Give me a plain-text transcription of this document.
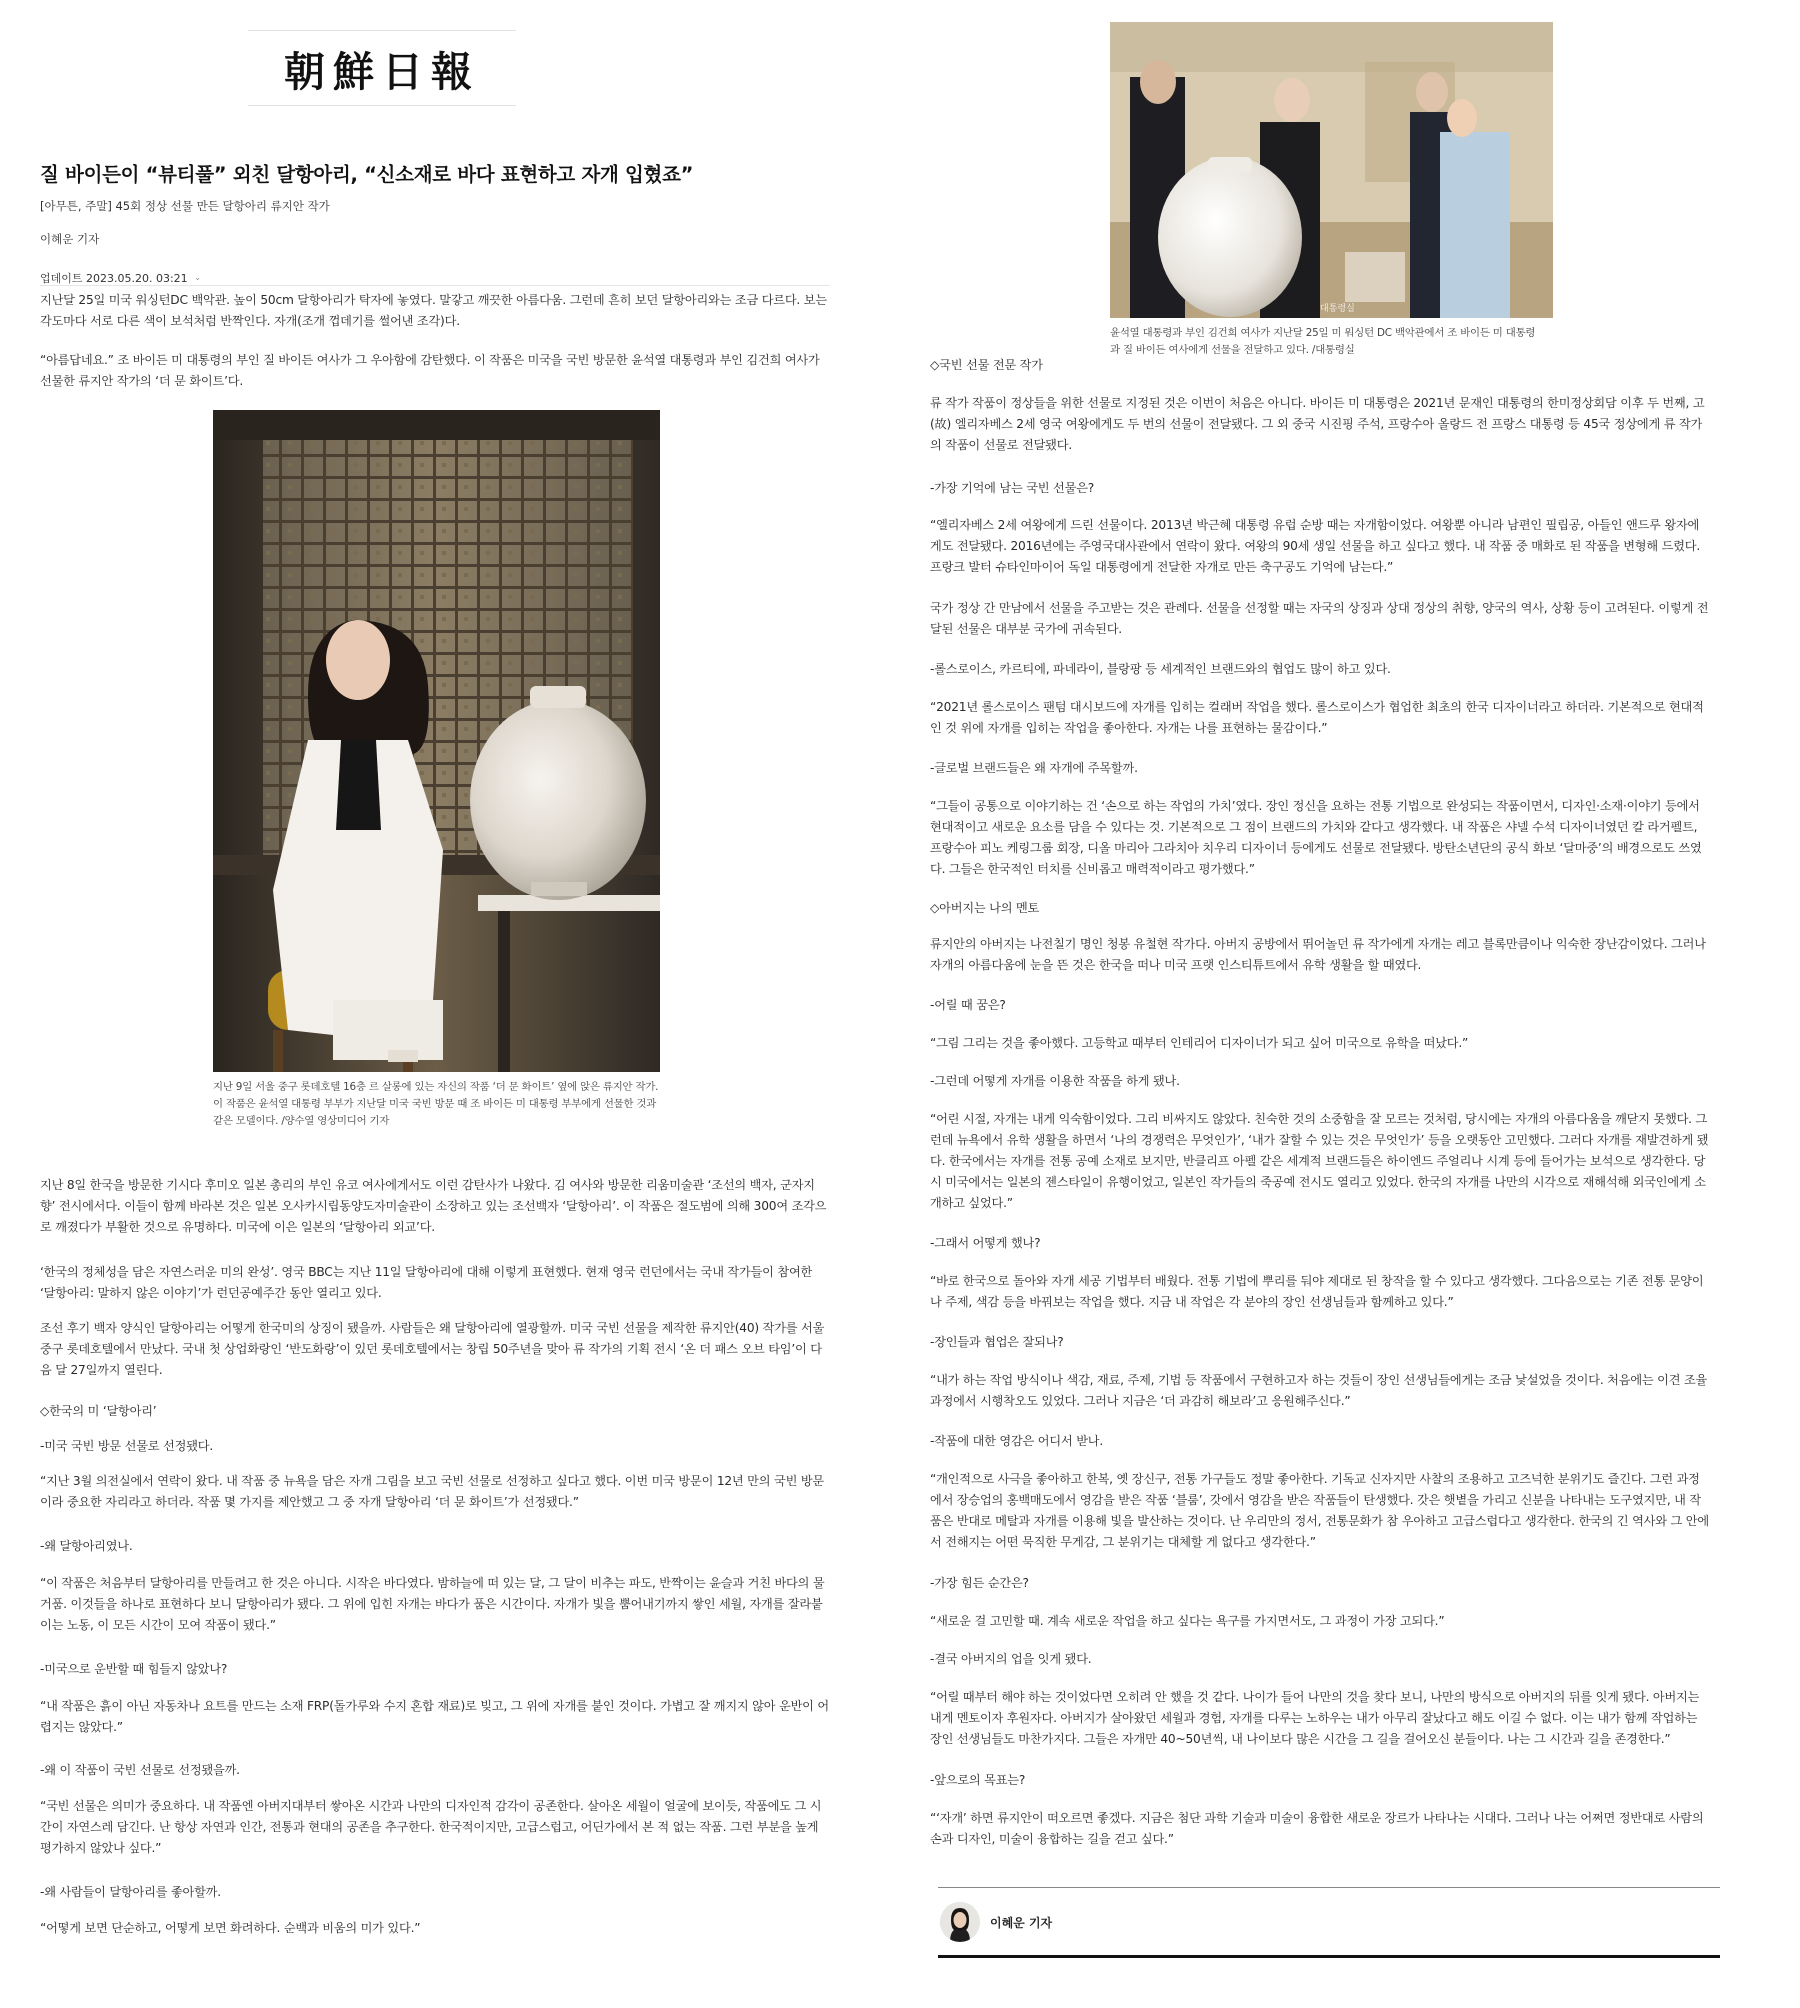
朝鮮日報
질 바이든이 “뷰티풀” 외친 달항아리, “신소재로 바다 표현하고 자개 입혔죠”
[아무튼, 주말] 45회 정상 선물 만든 달항아리 류지안 작가
이혜운 기자
업데이트 2023.05.20. 03:21 ⌄

지난달 25일 미국 워싱턴DC 백악관. 높이 50cm 달항아리가 탁자에 놓였다. 말갛고 깨끗한 아름다움. 그런데 흔히 보던 달항아리와는 조금 다르다. 보는 각도마다 서로 다른 색이 보석처럼 반짝인다. 자개(조개 껍데기를 썰어낸 조각)다.

“아름답네요.” 조 바이든 미 대통령의 부인 질 바이든 여사가 그 우아함에 감탄했다. 이 작품은 미국을 국빈 방문한 윤석열 대통령과 부인 김건희 여사가 선물한 류지안 작가의 ‘더 문 화이트’다.

지난 9일 서울 중구 롯데호텔 16층 르 살롱에 있는 자신의 작품 ‘더 문 화이트’ 옆에 앉은 류지안 작가. 이 작품은 윤석열 대통령 부부가 지난달 미국 국빈 방문 때 조 바이든 미 대통령 부부에게 선물한 것과 같은 모델이다. /양수열 영상미디어 기자

지난 8일 한국을 방문한 기시다 후미오 일본 총리의 부인 유코 여사에게서도 이런 감탄사가 나왔다. 김 여사와 방문한 리움미술관 ‘조선의 백자, 군자지향’ 전시에서다. 이들이 함께 바라본 것은 일본 오사카시립동양도자미술관이 소장하고 있는 조선백자 ‘달항아리’. 이 작품은 절도범에 의해 300여 조각으로 깨졌다가 부활한 것으로 유명하다. 미국에 이은 일본의 ‘달항아리 외교’다.

‘한국의 정체성을 담은 자연스러운 미의 완성’. 영국 BBC는 지난 11일 달항아리에 대해 이렇게 표현했다. 현재 영국 런던에서는 국내 작가들이 참여한 ‘달항아리: 말하지 않은 이야기’가 런던공예주간 동안 열리고 있다.

조선 후기 백자 양식인 달항아리는 어떻게 한국미의 상징이 됐을까. 사람들은 왜 달항아리에 열광할까. 미국 국빈 선물을 제작한 류지안(40) 작가를 서울 중구 롯데호텔에서 만났다. 국내 첫 상업화랑인 ‘반도화랑’이 있던 롯데호텔에서는 창립 50주년을 맞아 류 작가의 기획 전시 ‘온 더 패스 오브 타임’이 다음 달 27일까지 열린다.

◇한국의 미 ‘달항아리’

-미국 국빈 방문 선물로 선정됐다.

“지난 3월 의전실에서 연락이 왔다. 내 작품 중 뉴욕을 담은 자개 그림을 보고 국빈 선물로 선정하고 싶다고 했다. 이번 미국 방문이 12년 만의 국빈 방문이라 중요한 자리라고 하더라. 작품 몇 가지를 제안했고 그 중 자개 달항아리 ‘더 문 화이트’가 선정됐다.”

-왜 달항아리였나.

“이 작품은 처음부터 달항아리를 만들려고 한 것은 아니다. 시작은 바다였다. 밤하늘에 떠 있는 달, 그 달이 비추는 파도, 반짝이는 윤슬과 거친 바다의 물거품. 이것들을 하나로 표현하다 보니 달항아리가 됐다. 그 위에 입힌 자개는 바다가 품은 시간이다. 자개가 빛을 뿜어내기까지 쌓인 세월, 자개를 잘라붙이는 노동, 이 모든 시간이 모여 작품이 됐다.”

-미국으로 운반할 때 힘들지 않았나?

“내 작품은 흙이 아닌 자동차나 요트를 만드는 소재 FRP(돌가루와 수지 혼합 재료)로 빚고, 그 위에 자개를 붙인 것이다. 가볍고 잘 깨지지 않아 운반이 어렵지는 않았다.”

-왜 이 작품이 국빈 선물로 선정됐을까.

“국빈 선물은 의미가 중요하다. 내 작품엔 아버지대부터 쌓아온 시간과 나만의 디자인적 감각이 공존한다. 살아온 세월이 얼굴에 보이듯, 작품에도 그 시간이 자연스레 담긴다. 난 항상 자연과 인간, 전통과 현대의 공존을 추구한다. 한국적이지만, 고급스럽고, 어딘가에서 본 적 없는 작품. 그런 부분을 높게 평가하지 않았나 싶다.”

-왜 사람들이 달항아리를 좋아할까.

“어떻게 보면 단순하고, 어떻게 보면 화려하다. 순백과 비움의 미가 있다.”

대통령실
윤석열 대통령과 부인 김건희 여사가 지난달 25일 미 워싱턴 DC 백악관에서 조 바이든 미 대통령과 질 바이든 여사에게 선물을 전달하고 있다. /대통령실

◇국빈 선물 전문 작가

류 작가 작품이 정상들을 위한 선물로 지정된 것은 이번이 처음은 아니다. 바이든 미 대통령은 2021년 문재인 대통령의 한미정상회담 이후 두 번째, 고(故) 엘리자베스 2세 영국 여왕에게도 두 번의 선물이 전달됐다. 그 외 중국 시진핑 주석, 프랑수아 올랑드 전 프랑스 대통령 등 45국 정상에게 류 작가의 작품이 선물로 전달됐다.

-가장 기억에 남는 국빈 선물은?

“엘리자베스 2세 여왕에게 드린 선물이다. 2013년 박근혜 대통령 유럽 순방 때는 자개함이었다. 여왕뿐 아니라 남편인 필립공, 아들인 앤드루 왕자에게도 전달됐다. 2016년에는 주영국대사관에서 연락이 왔다. 여왕의 90세 생일 선물을 하고 싶다고 했다. 내 작품 중 매화로 된 작품을 변형해 드렸다. 프랑크 발터 슈타인마이어 독일 대통령에게 전달한 자개로 만든 축구공도 기억에 남는다.”

국가 정상 간 만남에서 선물을 주고받는 것은 관례다. 선물을 선정할 때는 자국의 상징과 상대 정상의 취향, 양국의 역사, 상황 등이 고려된다. 이렇게 전달된 선물은 대부분 국가에 귀속된다.

-롤스로이스, 카르티에, 파네라이, 블랑팡 등 세계적인 브랜드와의 협업도 많이 하고 있다.

“2021년 롤스로이스 팬텀 대시보드에 자개를 입히는 컬래버 작업을 했다. 롤스로이스가 협업한 최초의 한국 디자이너라고 하더라. 기본적으로 현대적인 것 위에 자개를 입히는 작업을 좋아한다. 자개는 나를 표현하는 물감이다.”

-글로벌 브랜드들은 왜 자개에 주목할까.

“그들이 공통으로 이야기하는 건 ‘손으로 하는 작업의 가치’였다. 장인 정신을 요하는 전통 기법으로 완성되는 작품이면서, 디자인·소재·이야기 등에서 현대적이고 새로운 요소를 담을 수 있다는 것. 기본적으로 그 점이 브랜드의 가치와 같다고 생각했다. 내 작품은 샤넬 수석 디자이너였던 칼 라거펠트, 프랑수아 피노 케링그룹 회장, 디올 마리아 그라치아 치우리 디자이너 등에게도 선물로 전달됐다. 방탄소년단의 공식 화보 ‘달마중’의 배경으로도 쓰였다. 그들은 한국적인 터치를 신비롭고 매력적이라고 평가했다.”

◇아버지는 나의 멘토

류지안의 아버지는 나전칠기 명인 청봉 유철현 작가다. 아버지 공방에서 뛰어놀던 류 작가에게 자개는 레고 블록만큼이나 익숙한 장난감이었다. 그러나 자개의 아름다움에 눈을 뜬 것은 한국을 떠나 미국 프랫 인스티튜트에서 유학 생활을 할 때였다.

-어릴 때 꿈은?

“그림 그리는 것을 좋아했다. 고등학교 때부터 인테리어 디자이너가 되고 싶어 미국으로 유학을 떠났다.”

-그런데 어떻게 자개를 이용한 작품을 하게 됐나.

“어린 시절, 자개는 내게 익숙함이었다. 그리 비싸지도 않았다. 친숙한 것의 소중함을 잘 모르는 것처럼, 당시에는 자개의 아름다움을 깨닫지 못했다. 그런데 뉴욕에서 유학 생활을 하면서 ‘나의 경쟁력은 무엇인가’, ‘내가 잘할 수 있는 것은 무엇인가’ 등을 오랫동안 고민했다. 그러다 자개를 재발견하게 됐다. 한국에서는 자개를 전통 공예 소재로 보지만, 반클리프 아펠 같은 세계적 브랜드들은 하이엔드 주얼리나 시계 등에 들어가는 보석으로 생각한다. 당시 미국에서는 일본의 젠스타일이 유행이었고, 일본인 작가들의 죽공예 전시도 열리고 있었다. 한국의 자개를 나만의 시각으로 재해석해 외국인에게 소개하고 싶었다.”

-그래서 어떻게 했나?

“바로 한국으로 돌아와 자개 세공 기법부터 배웠다. 전통 기법에 뿌리를 둬야 제대로 된 창작을 할 수 있다고 생각했다. 그다음으로는 기존 전통 문양이나 주제, 색감 등을 바꿔보는 작업을 했다. 지금 내 작업은 각 분야의 장인 선생님들과 함께하고 있다.”

-장인들과 협업은 잘되나?

“내가 하는 작업 방식이나 색감, 재료, 주제, 기법 등 작품에서 구현하고자 하는 것들이 장인 선생님들에게는 조금 낯설었을 것이다. 처음에는 이견 조율 과정에서 시행착오도 있었다. 그러나 지금은 ‘더 과감히 해보라’고 응원해주신다.”

-작품에 대한 영감은 어디서 받나.

“개인적으로 사극을 좋아하고 한복, 옛 장신구, 전통 가구들도 정말 좋아한다. 기독교 신자지만 사찰의 조용하고 고즈넉한 분위기도 즐긴다. 그런 과정에서 장승업의 홍백매도에서 영감을 받은 작품 ‘블룸’, 갓에서 영감을 받은 작품들이 탄생했다. 갓은 햇볕을 가리고 신분을 나타내는 도구였지만, 내 작품은 반대로 메탈과 자개를 이용해 빛을 발산하는 것이다. 난 우리만의 정서, 전통문화가 참 우아하고 고급스럽다고 생각한다. 한국의 긴 역사와 그 안에서 전해지는 어떤 묵직한 무게감, 그 분위기는 대체할 게 없다고 생각한다.”

-가장 힘든 순간은?

“새로운 걸 고민할 때. 계속 새로운 작업을 하고 싶다는 욕구를 가지면서도, 그 과정이 가장 고되다.”

-결국 아버지의 업을 잇게 됐다.

“어릴 때부터 해야 하는 것이었다면 오히려 안 했을 것 같다. 나이가 들어 나만의 것을 찾다 보니, 나만의 방식으로 아버지의 뒤를 잇게 됐다. 아버지는 내게 멘토이자 후원자다. 아버지가 살아왔던 세월과 경험, 자개를 다루는 노하우는 내가 아무리 잘났다고 해도 이길 수 없다. 이는 내가 함께 작업하는 장인 선생님들도 마찬가지다. 그들은 자개만 40~50년씩, 내 나이보다 많은 시간을 그 길을 걸어오신 분들이다. 나는 그 시간과 길을 존경한다.”

-앞으로의 목표는?

“‘자개’ 하면 류지안이 떠오르면 좋겠다. 지금은 첨단 과학 기술과 미술이 융합한 새로운 장르가 나타나는 시대다. 그러나 나는 어쩌면 정반대로 사람의 손과 디자인, 미술이 융합하는 길을 걷고 싶다.”

이혜운 기자
